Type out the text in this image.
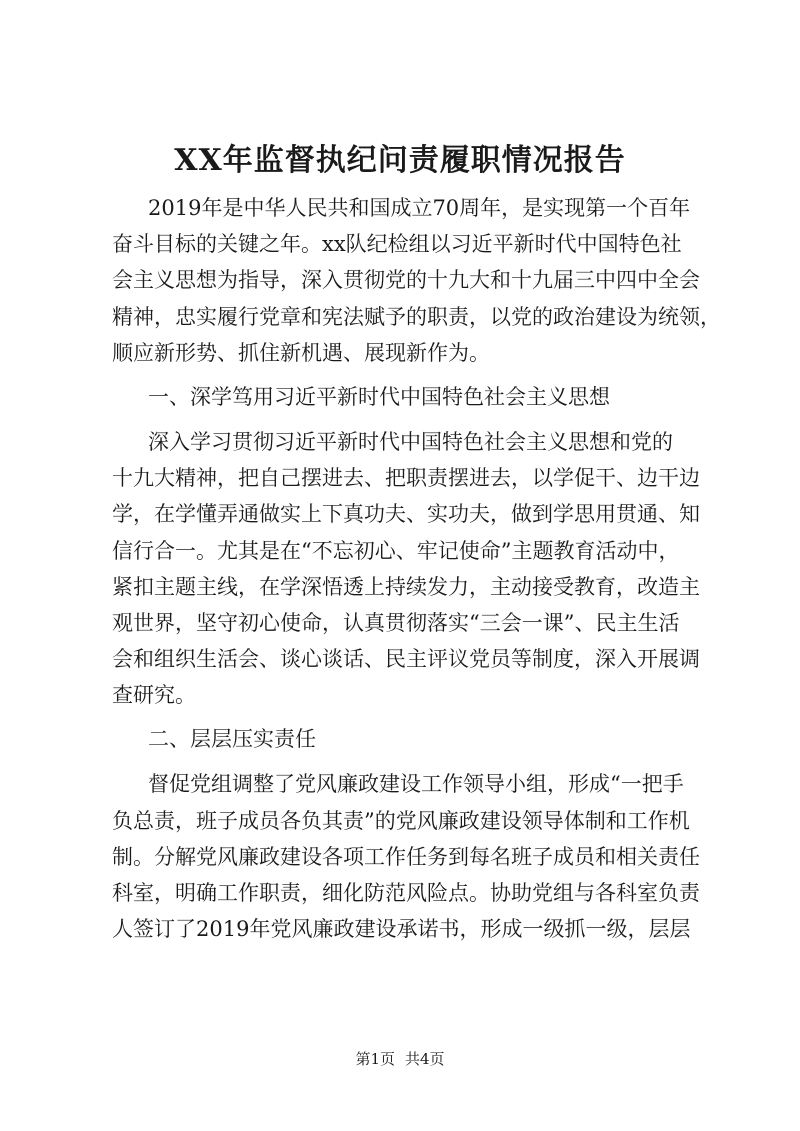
XX年监督执纪问责履职情况报告
2019年是中华人民共和国成立70周年，是实现第一个百年
奋斗目标的关键之年。xx队纪检组以习近平新时代中国特色社
会主义思想为指导，深入贯彻党的十九大和十九届三中四中全会
精神，忠实履行党章和宪法赋予的职责，以党的政治建设为统领，
顺应新形势、抓住新机遇、展现新作为。
一、深学笃用习近平新时代中国特色社会主义思想
深入学习贯彻习近平新时代中国特色社会主义思想和党的
十九大精神，把自己摆进去、把职责摆进去，以学促干、边干边
学，在学懂弄通做实上下真功夫、实功夫，做到学思用贯通、知
信行合一。尤其是在“不忘初心、牢记使命”主题教育活动中，
紧扣主题主线，在学深悟透上持续发力，主动接受教育，改造主
观世界，坚守初心使命，认真贯彻落实“三会一课”、民主生活
会和组织生活会、谈心谈话、民主评议党员等制度，深入开展调
查研究。
二、层层压实责任
督促党组调整了党风廉政建设工作领导小组，形成“一把手
负总责，班子成员各负其责”的党风廉政建设领导体制和工作机
制。分解党风廉政建设各项工作任务到每名班子成员和相关责任
科室，明确工作职责，细化防范风险点。协助党组与各科室负责
人签订了2019年党风廉政建设承诺书，形成一级抓一级，层层
第1页 共4页
